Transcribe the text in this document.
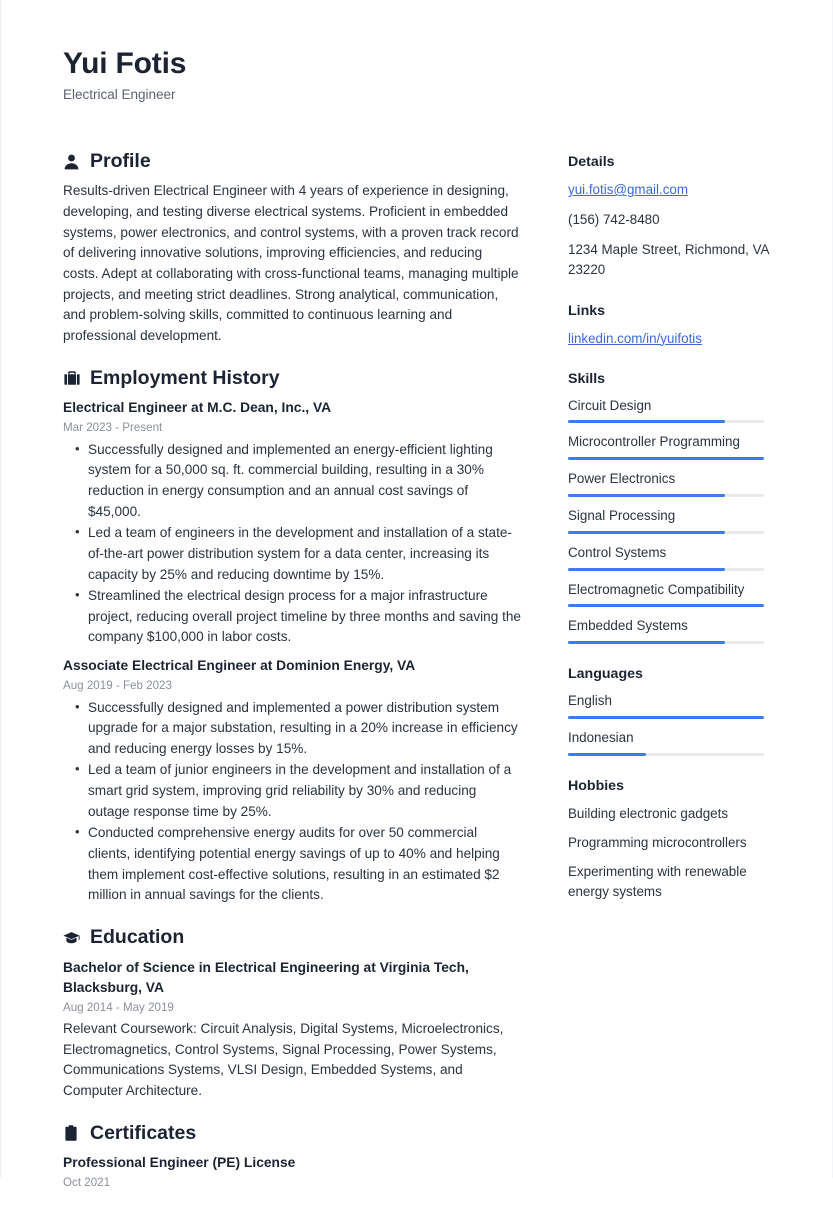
Yui Fotis
Electrical Engineer
Profile

Results-driven Electrical Engineer with 4 years of experience in designing, developing, and testing diverse electrical systems. Proficient in embedded systems, power electronics, and control systems, with a proven track record of delivering innovative solutions, improving efficiencies, and reducing costs. Adept at collaborating with cross-functional teams, managing multiple projects, and meeting strict deadlines. Strong analytical, communication, and problem-solving skills, committed to continuous learning and professional development.

Employment History
Electrical Engineer at M.C. Dean, Inc., VA
Mar 2023 - Present
• Successfully designed and implemented an energy-efficient lighting system for a 50,000 sq. ft. commercial building, resulting in a 30% reduction in energy consumption and an annual cost savings of $45,000.
• Led a team of engineers in the development and installation of a state-of-the-art power distribution system for a data center, increasing its capacity by 25% and reducing downtime by 15%.
• Streamlined the electrical design process for a major infrastructure project, reducing overall project timeline by three months and saving the company $100,000 in labor costs.
Associate Electrical Engineer at Dominion Energy, VA
Aug 2019 - Feb 2023
• Successfully designed and implemented a power distribution system upgrade for a major substation, resulting in a 20% increase in efficiency and reducing energy losses by 15%.
• Led a team of junior engineers in the development and installation of a smart grid system, improving grid reliability by 30% and reducing outage response time by 25%.
• Conducted comprehensive energy audits for over 50 commercial clients, identifying potential energy savings of up to 40% and helping them implement cost-effective solutions, resulting in an estimated $2 million in annual savings for the clients.
Education
Bachelor of Science in Electrical Engineering at Virginia Tech, Blacksburg, VA
Aug 2014 - May 2019
Relevant Coursework: Circuit Analysis, Digital Systems, Microelectronics, Electromagnetics, Control Systems, Signal Processing, Power Systems, Communications Systems, VLSI Design, Embedded Systems, and Computer Architecture.
Certificates
Professional Engineer (PE) License
Oct 2021
Details
yui.fotis@gmail.com
(156) 742-8480
1234 Maple Street, Richmond, VA 23220
Links
linkedin.com/in/yuifotis
Skills
Circuit Design
Microcontroller Programming
Power Electronics
Signal Processing
Control Systems
Electromagnetic Compatibility
Embedded Systems
Languages
English
Indonesian
Hobbies
Building electronic gadgets
Programming microcontrollers
Experimenting with renewable energy systems
